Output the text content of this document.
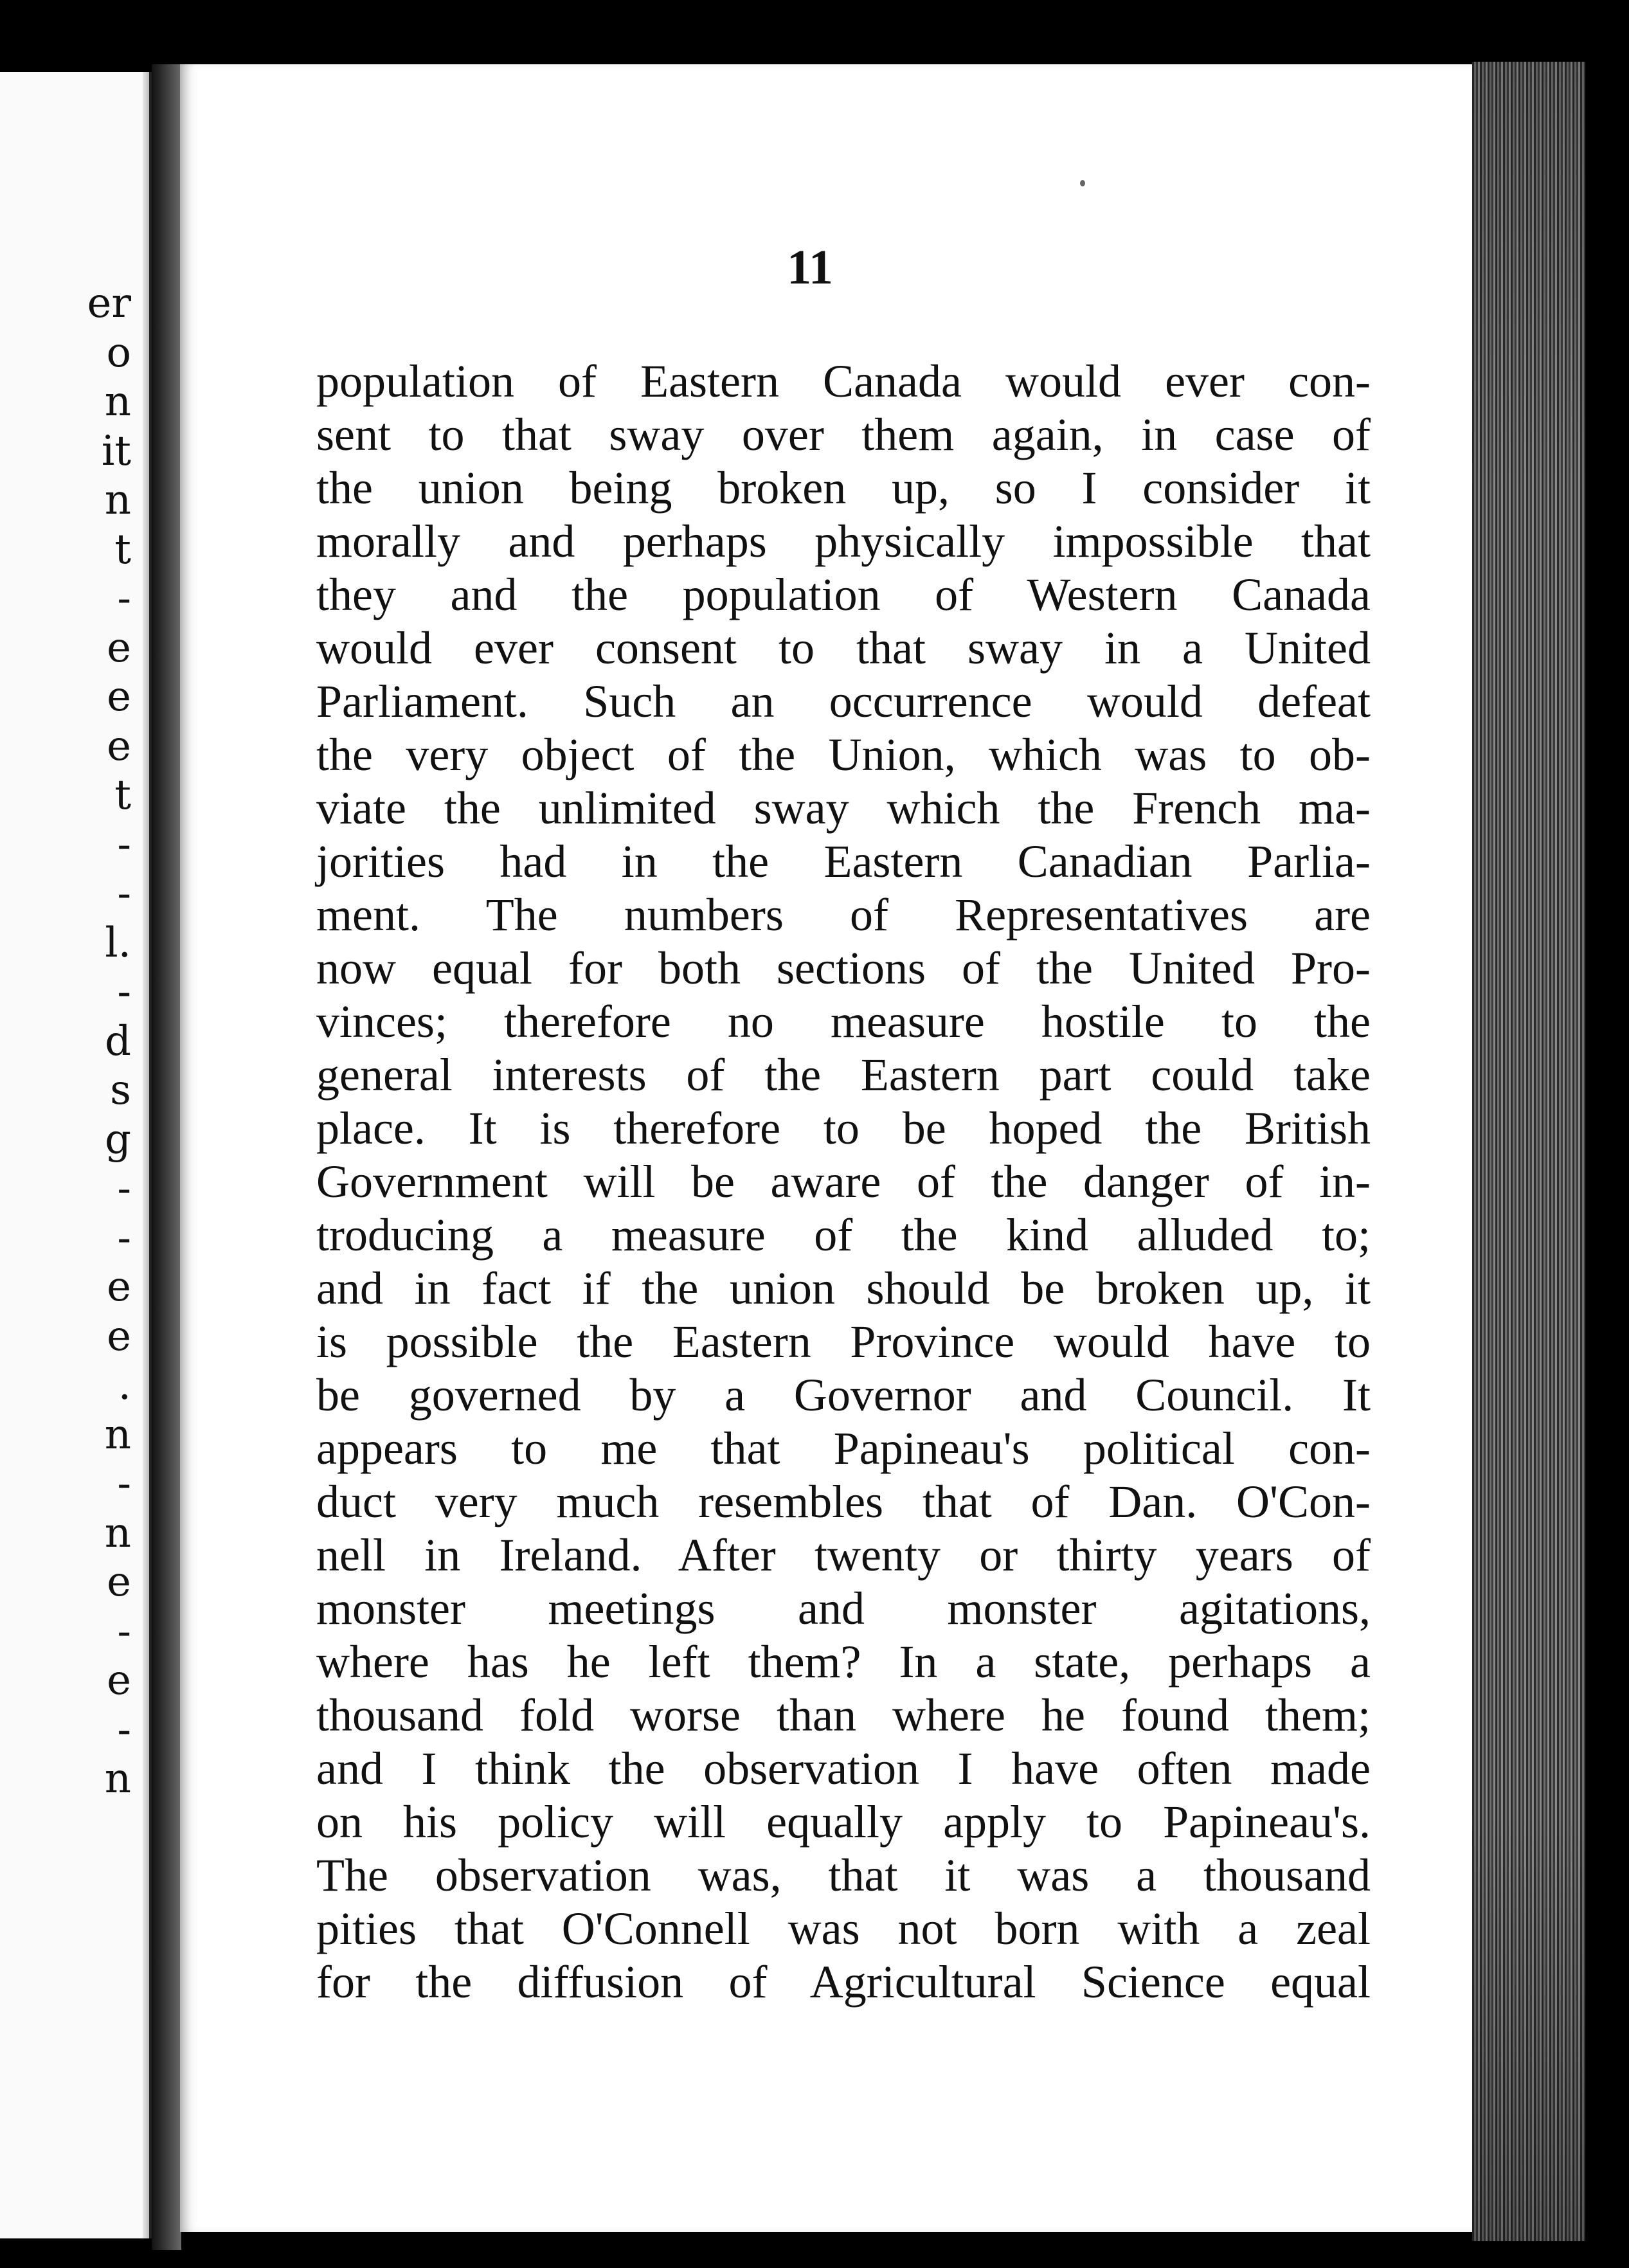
er
o
n
it
n
t
-
e
e
e
t
-
-
l.
-
d
s
g
-
-
e
e
.
n
-
n
e
-
e
-
n
11
population of Eastern Canada would ever con-
sent to that sway over them again, in case of
the union being broken up, so I consider it
morally and perhaps physically impossible that
they and the population of Western Canada
would ever consent to that sway in a United
Parliament. Such an occurrence would defeat
the very object of the Union, which was to ob-
viate the unlimited sway which the French ma-
jorities had in the Eastern Canadian Parlia-
ment. The numbers of Representatives are
now equal for both sections of the United Pro-
vinces; therefore no measure hostile to the
general interests of the Eastern part could take
place. It is therefore to be hoped the British
Government will be aware of the danger of in-
troducing a measure of the kind alluded to;
and in fact if the union should be broken up, it
is possible the Eastern Province would have to
be governed by a Governor and Council. It
appears to me that Papineau's political con-
duct very much resembles that of Dan. O'Con-
nell in Ireland. After twenty or thirty years of
monster meetings and monster agitations,
where has he left them? In a state, perhaps a
thousand fold worse than where he found them;
and I think the observation I have often made
on his policy will equally apply to Papineau's.
The observation was, that it was a thousand
pities that O'Connell was not born with a zeal
for the diffusion of Agricultural Science equal
